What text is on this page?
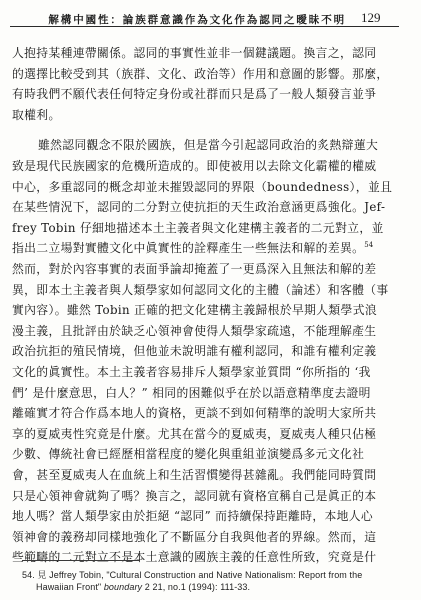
解構中國性：論族群意識作為文化作為認同之曖昧不明 129
人抱持某種連帶關係。認同的事實性並非一個鍵議題。換言之，認同
的選擇比較受到其（族群、文化、政治等）作用和意圖的影響。那麼，
有時我們不願代表任何特定身份或社群而只是爲了一般人類發言並爭
取權利。
雖然認同觀念不限於國族，但是當今引起認同政治的炙熱辯蓮大
致是現代民族國家的危機所造成的。即使被用以去除文化霸權的權威
中心，多重認同的概念却並未摧毀認同的界限（boundedness），並且
在某些情況下，認同的二分對立使抗拒的天生政治意涵更爲強化。Jef-
frey Tobin 仔細地描述本土主義者與文化建構主義者的二元對立，並
指出二立場對實體文化中眞實性的詮釋產生一些無法和解的差異。$^{54}$
然而，對於內容事實的表面爭論却掩蓋了一更爲深入且無法和解的差
異，即本土主義者與人類學家如何認同文化的主體（論述）和客體（事
實內容）。雖然 Tobin 正確的把文化建構主義歸根於早期人類學式浪
漫主義，且批評由於缺乏心領神會使得人類學家疏遠，不能理解產生
政治抗拒的殖民情境，但他並未說明誰有權利認同，和誰有權利定義
文化的眞實性。本土主義者容易排斥人類學家並質問 “你所指的 ‘我
們’ 是什麼意思，白人？” 相同的困難似乎在於以語意精準度去證明
離確實才符合作爲本地人的資格，更談不到如何精準的說明大家所共
享的夏威夷性究竟是什麼。尤其在當今的夏威夷，夏威夷人種只佔極
少數、傳統社會已經歷相當程度的變化與重組並演變爲多元文化社
會，甚至夏威夷人在血統上和生活習慣變得甚雜亂。我們能同時質問
只是心領神會就夠了嗎？換言之，認同就有資格宣稱自己是眞正的本
地人嗎？當人類學家由於拒絕 “認同” 而持續保持距離時，本地人心
領神會的義務却同樣地強化了不斷區分自我與他者的界線。然而，這
些範疇的二元對立不是本土意識的國族主義的任意性所致，究竟是什
54. 見 Jeffrey Tobin, "Cultural Construction and Native Nationalism: Report from the
Hawaiian Front" boundary 2 21, no.1 (1994): 111-33.
